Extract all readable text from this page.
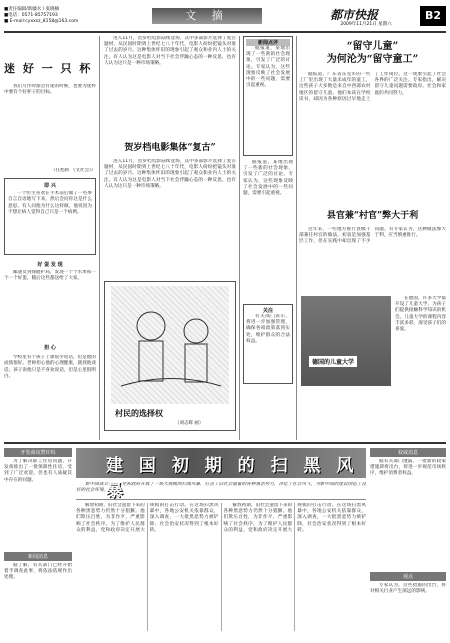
■责任编辑/新疆水 / 张晓楠
■电话：0571-85757193
■ E-mail:cyxxsz_8158@163.com	文 摘	都市快报
2009年11月21日 星期六
B2
迷 好 一 只 杯

我们写作时都会有迷的时候，也要为迷杯中要有个好杯子的目标。

（任旭新 《文社会》）
即 兴

一个医生喜欢在手术前后做了一些事自言自语地写下来，然后会问你这是什么意思。有人问他为什么这样做，他说因为不想让病人觉得自己只是一个病例。

好 蛋 发 现

邮递员到保健护局，发现一个个水果和一个一个好蛋，随后这些都送给了大家。

担 心

学校里有个孩子上课很少说话，但是他的成绩很好。老师担心他的心理健康，就找他谈话。孩子说他只是不喜欢说话，但是心里很明白。

进入11月，贺岁档电影陆续登场，其中多部影片选择了复古题材，从民国时期到上世纪七八十年代，电影人纷纷把镜头对准了过去的岁月。这种集体怀旧的现象引起了观众和业内人士的关注。有人认为这是电影人对当下社会浮躁心态的一种反思，也有人认为这只是一种市场策略。

贺岁档电影集体“复古”

进入11月，贺岁档电影陆续登场，其中多部影片选择了复古题材，从民国时期到上世纪七八十年代，电影人纷纷把镜头对准了过去的岁月。这种集体怀旧的现象引起了观众和业内人士的关注。有人认为这是电影人对当下社会浮躁心态的一种反思，也有人认为这只是一种市场策略。

村民的选择权
（刘志辉 画）
新闻点评

据报道，某地出现了一些新的社会现象，引发了广泛的讨论。专家认为，这些现象反映了社会发展中的一些问题，需要引起重视。

据报道，某地出现了一些新的社会现象，引发了广泛的讨论。专家认为，这些现象反映了社会发展中的一些问题，需要引起重视。

关注

有关部门表示，将进一步加强管理，确保各项政策落到实处，维护群众的合法权益。

“留守儿童”
为何沦为“留守童工”

据报道，广东省东莞市的一些工厂里出现了大量未成年的童工，这些孩子大多数是来自中西部农村地区的留守儿童。他们本该在学校读书，却因为各种原因过早地走上了工作岗位。这一现象引起了社会各界的广泛关注。专家指出，解决留守儿童问题需要政府、社会和家庭的共同努力。

县官兼“村官”弊大于利

近年来，一些地方推行县级干部兼任村官的做法，初衷是加强基层工作，但在实践中却出现了不少问题。有专家认为，这种做法弊大于利，应当慎重推行。

德国的儿童大学

在德国，许多大学都开设了儿童大学，为孩子们提供接触科学知识的机会。儿童大学的课程内容丰富多彩，深受孩子们的喜爱。

开发商该赞许吗

为了解决职工住房问题，开发商推出了一批保障性住房，受到了广泛欢迎。但也有人质疑其中存在的问题。

新闻消息

据了解，有关部门已经开始着手调查此事，将依法依规作出处理。

建 国 初 期 的 扫 黑 风 暴

新中国成立初期，党和政府开展了一场大规模的扫黑风暴，打击了旧社会遗留的各种黑恶势力，净化了社会风气，为新中国的建设创造了良好的社会环境。

解放初期，旧社会遗留下来的各种黑恶势力仍然十分猖獗。他们欺压百姓，为非作歹，严重影响了社会秩序。为了维护人民群众的利益，党和政府决定开展大规模的打击行动。在这场扫黑风暴中，各地公安机关依靠群众，深入调查，一大批黑恶势力被铲除，社会治安状况得到了根本好转。

解放初期，旧社会遗留下来的各种黑恶势力仍然十分猖獗。他们欺压百姓，为非作歹，严重影响了社会秩序。为了维护人民群众的利益，党和政府决定开展大规模的打击行动。在这场扫黑风暴中，各地公安机关依靠群众，深入调查，一大批黑恶势力被铲除，社会治安状况得到了根本好转。

权威消息

据有关部门透露，一批新的政策措施即将出台，将进一步规范市场秩序，维护消费者权益。

观点

专家认为，这些措施的出台，将对相关行业产生深远的影响。
